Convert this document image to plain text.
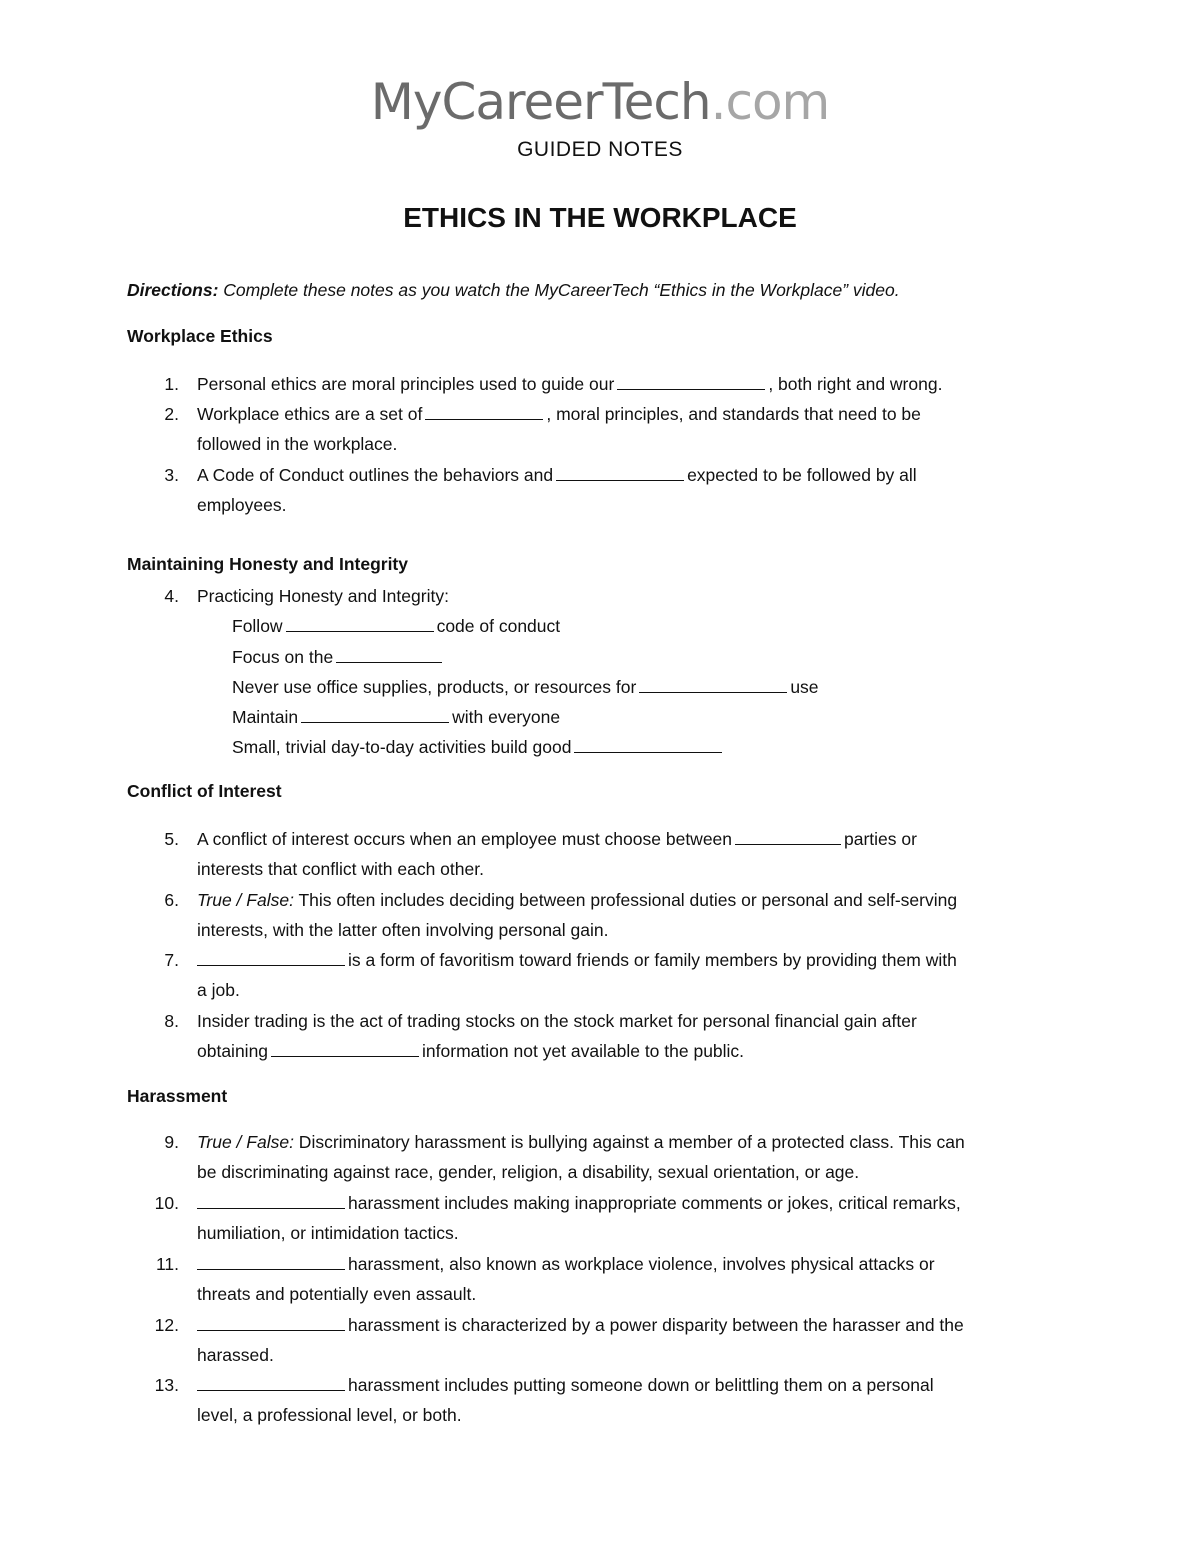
MyCareerTech.com
GUIDED NOTES
ETHICS IN THE WORKPLACE
Directions: Complete these notes as you watch the MyCareerTech “Ethics in the Workplace” video.
Workplace Ethics
1. Personal ethics are moral principles used to guide our	, both right and wrong.
2. Workplace ethics are a set of	, moral principles, and standards that need to be
followed in the workplace.
3. A Code of Conduct outlines the behaviors and	expected to be followed by all
employees.
Maintaining Honesty and Integrity
4. Practicing Honesty and Integrity:
Follow	code of conduct
Focus on the
Never use office supplies, products, or resources for	use
Maintain	with everyone
Small, trivial day-to-day activities build good
Conflict of Interest
5. A conflict of interest occurs when an employee must choose between	parties or
interests that conflict with each other.
6. True / False: This often includes deciding between professional duties or personal and self-serving
interests, with the latter often involving personal gain.
7.	is a form of favoritism toward friends or family members by providing them with
a job.
8. Insider trading is the act of trading stocks on the stock market for personal financial gain after
obtaining	information not yet available to the public.
Harassment
9. True / False: Discriminatory harassment is bullying against a member of a protected class. This can
be discriminating against race, gender, religion, a disability, sexual orientation, or age.
10.	harassment includes making inappropriate comments or jokes, critical remarks,
humiliation, or intimidation tactics.
11.	harassment, also known as workplace violence, involves physical attacks or
threats and potentially even assault.
12.	harassment is characterized by a power disparity between the harasser and the
harassed.
13.	harassment includes putting someone down or belittling them on a personal
level, a professional level, or both.
